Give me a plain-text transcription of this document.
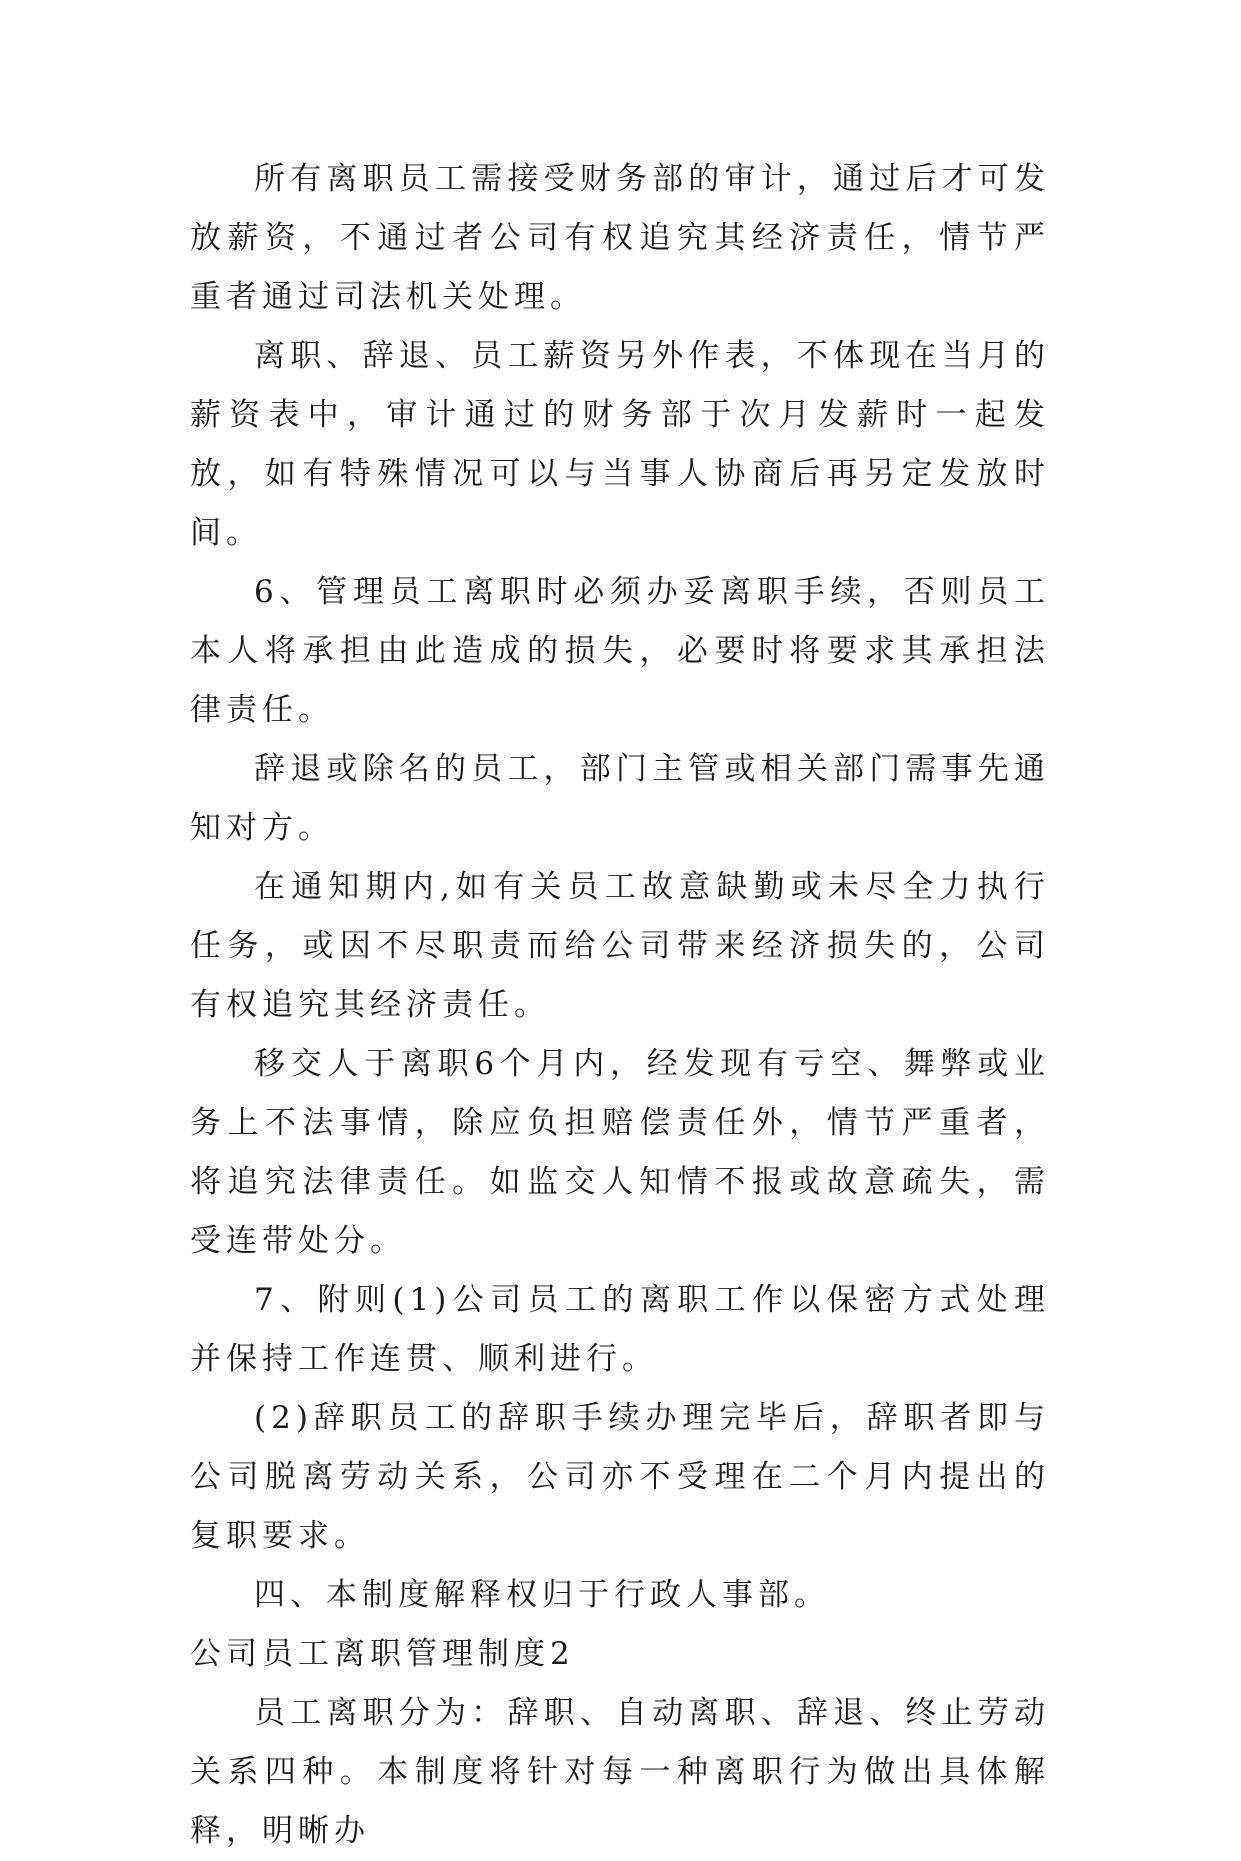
所有离职员工需接受财务部的审计，通过后才可发放薪资，不通过者公司有权追究其经济责任，情节严重者通过司法机关处理。

离职、辞退、员工薪资另外作表，不体现在当月的薪资表中，审计通过的财务部于次月发薪时一起发放，如有特殊情况可以与当事人协商后再另定发放时间。

6、管理员工离职时必须办妥离职手续，否则员工本人将承担由此造成的损失，必要时将要求其承担法律责任。

辞退或除名的员工，部门主管或相关部门需事先通知对方。

在通知期内,如有关员工故意缺勤或未尽全力执行任务，或因不尽职责而给公司带来经济损失的，公司有权追究其经济责任。

移交人于离职6个月内，经发现有亏空、舞弊或业务上不法事情，除应负担赔偿责任外，情节严重者，将追究法律责任。如监交人知情不报或故意疏失，需受连带处分。

7、附则(1)公司员工的离职工作以保密方式处理并保持工作连贯、顺利进行。

(2)辞职员工的辞职手续办理完毕后，辞职者即与公司脱离劳动关系，公司亦不受理在二个月内提出的复职要求。

四、本制度解释权归于行政人事部。

公司员工离职管理制度2

员工离职分为：辞职、自动离职、辞退、终止劳动关系四种。本制度将针对每一种离职行为做出具体解释，明晰办
